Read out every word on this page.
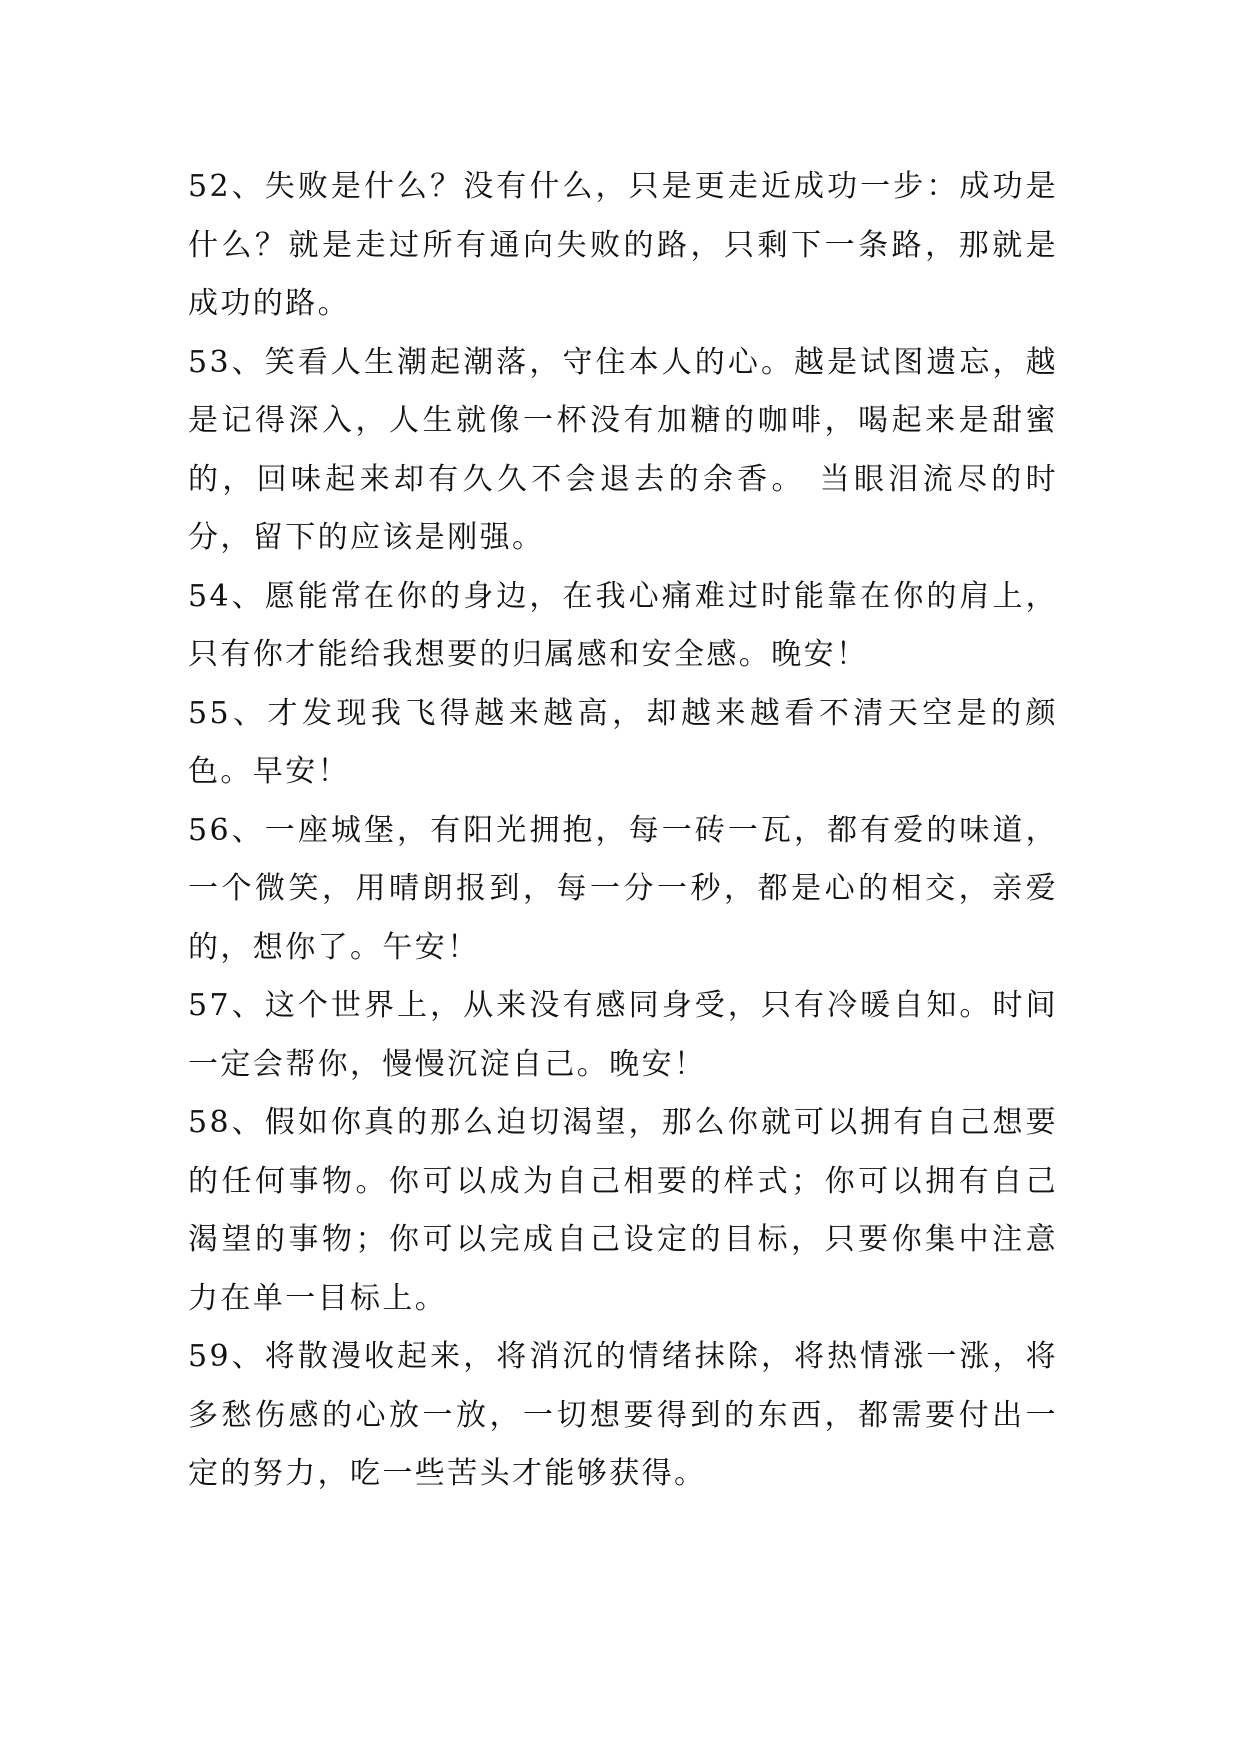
52、失败是什么？没有什么，只是更走近成功一步：成功是什么？就是走过所有通向失败的路，只剩下一条路，那就是成功的路。

53、笑看人生潮起潮落，守住本人的心。越是试图遗忘，越是记得深入，人生就像一杯没有加糖的咖啡，喝起来是甜蜜的，回味起来却有久久不会退去的余香。 当眼泪流尽的时分，留下的应该是刚强。

54、愿能常在你的身边，在我心痛难过时能靠在你的肩上，只有你才能给我想要的归属感和安全感。晚安！

55、才发现我飞得越来越高，却越来越看不清天空是的颜色。早安！

56、一座城堡，有阳光拥抱，每一砖一瓦，都有爱的味道，一个微笑，用晴朗报到，每一分一秒，都是心的相交，亲爱的，想你了。午安！

57、这个世界上，从来没有感同身受，只有冷暖自知。时间一定会帮你，慢慢沉淀自己。晚安！

58、假如你真的那么迫切渴望，那么你就可以拥有自己想要的任何事物。你可以成为自己相要的样式；你可以拥有自己渴望的事物；你可以完成自己设定的目标，只要你集中注意力在单一目标上。

59、将散漫收起来，将消沉的情绪抹除，将热情涨一涨，将多愁伤感的心放一放，一切想要得到的东西，都需要付出一定的努力，吃一些苦头才能够获得。
